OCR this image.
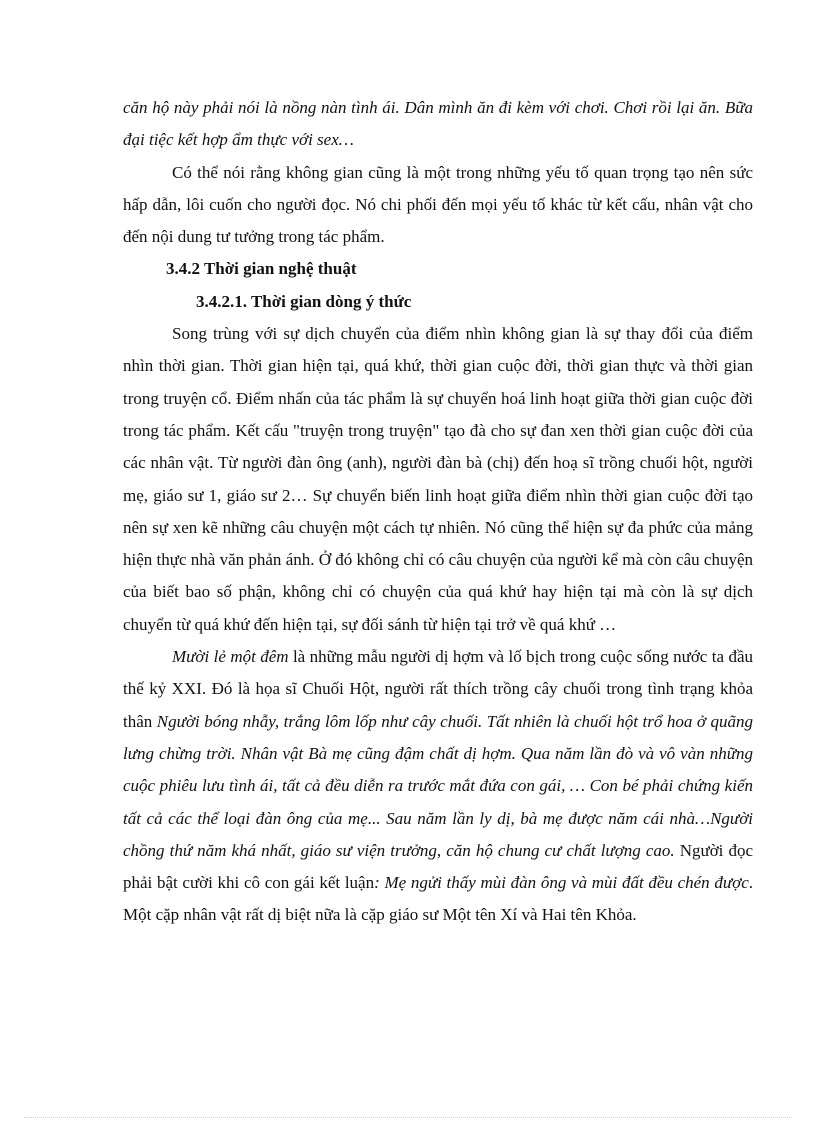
căn hộ này phải nói là nồng nàn tình ái. Dân mình ăn đi kèm với chơi. Chơi rồi lại ăn. Bữa đại tiệc kết hợp ẩm thực với sex…

Có thể nói rằng không gian cũng là một trong những yếu tố quan trọng tạo nên sức hấp dẫn, lôi cuốn cho người đọc. Nó chi phối đến mọi yếu tố khác từ kết cấu, nhân vật cho đến nội dung tư tưởng trong tác phẩm.

3.4.2 Thời gian nghệ thuật

3.4.2.1. Thời gian dòng ý thức

Song trùng với sự dịch chuyển của điểm nhìn không gian là sự thay đổi của điểm nhìn thời gian. Thời gian hiện tại, quá khứ, thời gian cuộc đời, thời gian thực và thời gian trong truyện cổ. Điểm nhấn của tác phẩm là sự chuyển hoá linh hoạt giữa thời gian cuộc đời trong tác phẩm. Kết cấu "truyện trong truyện" tạo đà cho sự đan xen thời gian cuộc đời của các nhân vật. Từ người đàn ông (anh), người đàn bà (chị) đến hoạ sĩ trồng chuối hột, người mẹ, giáo sư 1, giáo sư 2… Sự chuyển biến linh hoạt giữa điểm nhìn thời gian cuộc đời tạo nên sự xen kẽ những câu chuyện một cách tự nhiên. Nó cũng thể hiện sự đa phức của mảng hiện thực nhà văn phản ánh. Ở đó không chỉ có câu chuyện của người kể mà còn câu chuyện của biết bao số phận, không chỉ có chuyện của quá khứ hay hiện tại mà còn là sự dịch chuyển từ quá khứ đến hiện tại, sự đối sánh từ hiện tại trở về quá khứ …

Mười lẻ một đêm là những mẫu người dị hợm và lố bịch trong cuộc sống nước ta đầu thế kỷ XXI. Đó là họa sĩ Chuối Hột, người rất thích trồng cây chuối trong tình trạng khỏa thân Người bóng nhẫy, trắng lôm lốp như cây chuối. Tất nhiên là chuối hột trổ hoa ở quãng lưng chừng trời. Nhân vật Bà mẹ cũng đậm chất dị hợm. Qua năm lần đò và vô vàn những cuộc phiêu lưu tình ái, tất cả đều diễn ra trước mắt đứa con gái, … Con bé phải chứng kiến tất cả các thể loại đàn ông của mẹ... Sau năm lần ly dị, bà mẹ được năm cái nhà…Người chồng thứ năm khá nhất, giáo sư viện trưởng, căn hộ chung cư chất lượng cao. Người đọc phải bật cười khi cô con gái kết luận: Mẹ ngửi thấy mùi đàn ông và mùi đất đều chén được. Một cặp nhân vật rất dị biệt nữa là cặp giáo sư Một tên Xí và Hai tên Khỏa.
